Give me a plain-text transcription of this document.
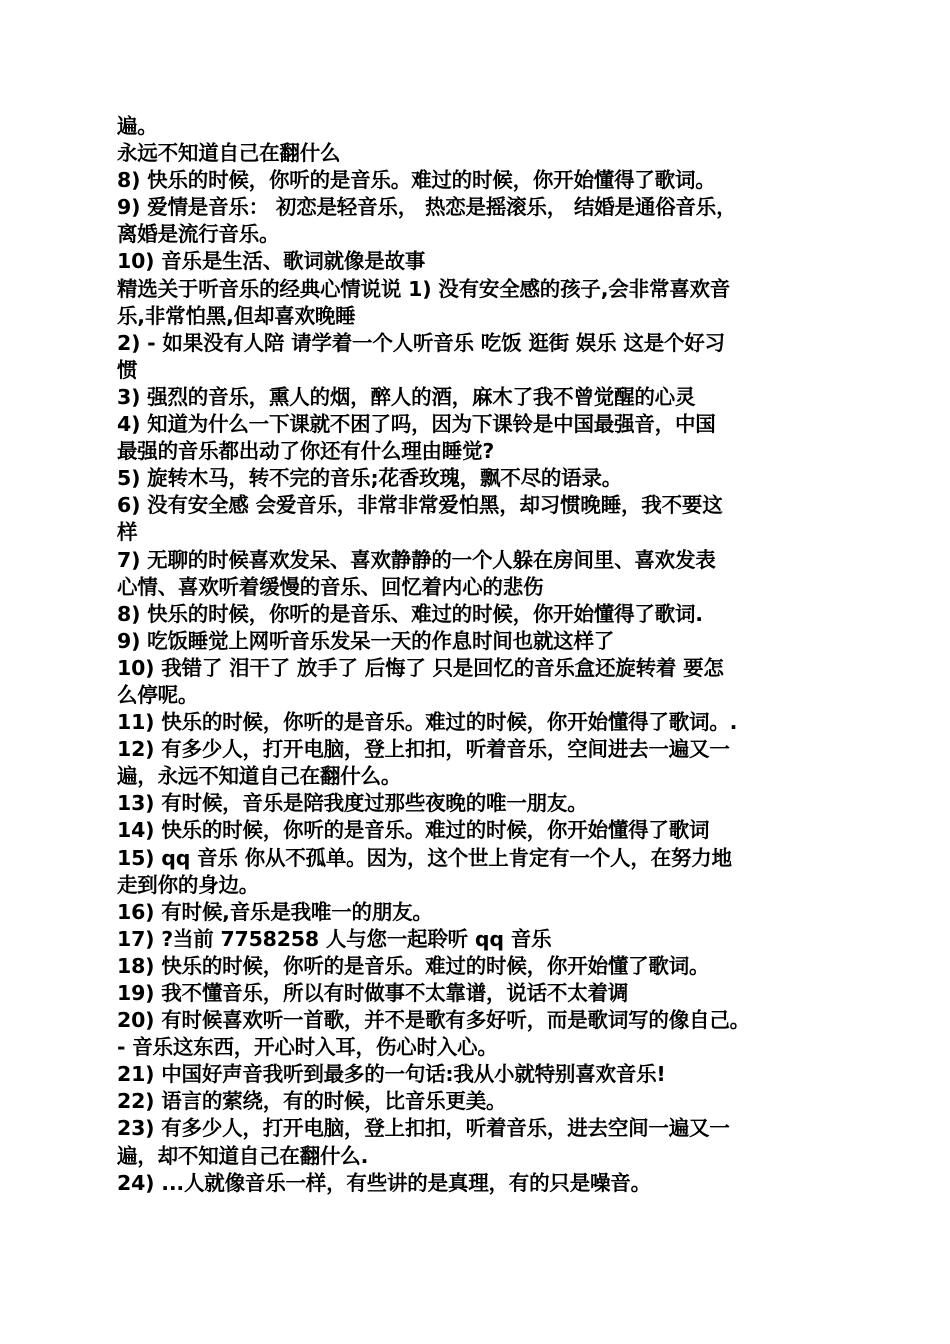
遍。
永远不知道自己在翻什么
8) 快乐的时候，你听的是音乐。难过的时候，你开始懂得了歌词。
9) 爱情是音乐： 初恋是轻音乐， 热恋是摇滚乐， 结婚是通俗音乐，
离婚是流行音乐。
10) 音乐是生活、歌词就像是故事
精选关于听音乐的经典心情说说 1) 没有安全感的孩子,会非常喜欢音
乐,非常怕黑,但却喜欢晚睡
2) - 如果没有人陪 请学着一个人听音乐 吃饭 逛街 娱乐 这是个好习
惯
3) 强烈的音乐，熏人的烟，醉人的酒，麻木了我不曾觉醒的心灵
4) 知道为什么一下课就不困了吗，因为下课铃是中国最强音，中国
最强的音乐都出动了你还有什么理由睡觉?
5) 旋转木马，转不完的音乐;花香玫瑰，飘不尽的语录。
6) 没有安全感 会爱音乐，非常非常爱怕黑，却习惯晚睡，我不要这
样
7) 无聊的时候喜欢发呆、喜欢静静的一个人躲在房间里、喜欢发表
心情、喜欢听着缓慢的音乐、回忆着内心的悲伤
8) 快乐的时候，你听的是音乐、难过的时候，你开始懂得了歌词.
9) 吃饭睡觉上网听音乐发呆一天的作息时间也就这样了
10) 我错了 泪干了 放手了 后悔了 只是回忆的音乐盒还旋转着 要怎
么停呢。
11) 快乐的时候，你听的是音乐。难过的时候，你开始懂得了歌词。.
12) 有多少人，打开电脑，登上扣扣，听着音乐，空间进去一遍又一
遍，永远不知道自己在翻什么。
13) 有时候，音乐是陪我度过那些夜晚的唯一朋友。
14) 快乐的时候，你听的是音乐。难过的时候，你开始懂得了歌词
15) qq 音乐 你从不孤单。因为，这个世上肯定有一个人，在努力地
走到你的身边。
16) 有时候,音乐是我唯一的朋友。
17) ?当前 7758258 人与您一起聆听 qq 音乐
18) 快乐的时候，你听的是音乐。难过的时候，你开始懂了歌词。
19) 我不懂音乐，所以有时做事不太靠谱，说话不太着调
20) 有时候喜欢听一首歌，并不是歌有多好听，而是歌词写的像自己。
- 音乐这东西，开心时入耳，伤心时入心。
21) 中国好声音我听到最多的一句话:我从小就特别喜欢音乐!
22) 语言的萦绕，有的时候，比音乐更美。
23) 有多少人，打开电脑，登上扣扣，听着音乐，进去空间一遍又一
遍，却不知道自己在翻什么.
24) ...人就像音乐一样，有些讲的是真理，有的只是噪音。
